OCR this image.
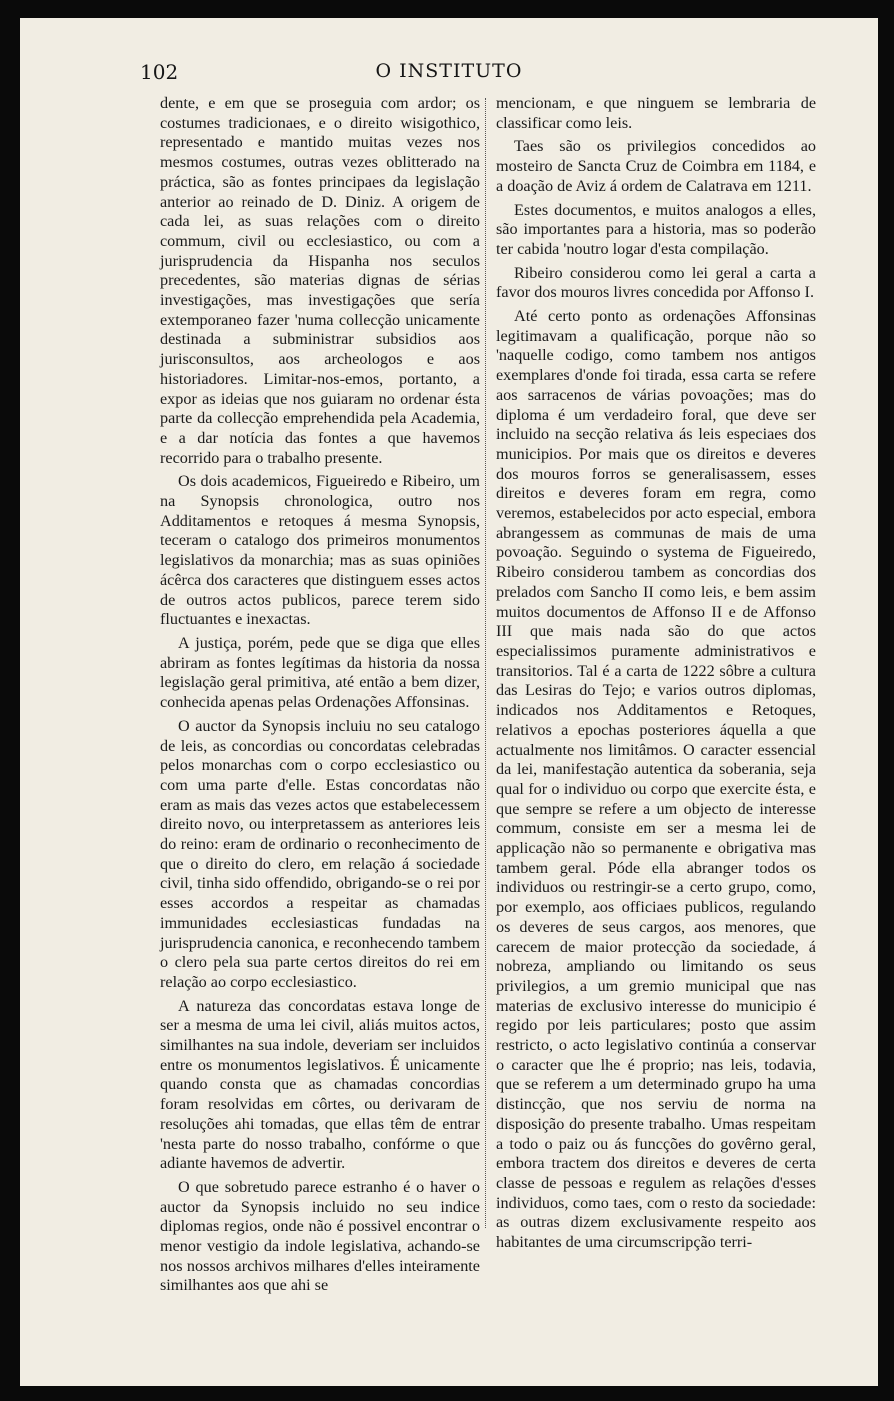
102	O INSTITUTO

dente, e em que se proseguia com ardor; os costumes tradicionaes, e o direito wisigothico, representado e mantido muitas vezes nos mesmos costumes, outras vezes oblitterado na práctica, são as fontes principaes da legislação anterior ao reinado de D. Diniz. A origem de cada lei, as suas relações com o direito commum, civil ou ecclesiastico, ou com a jurisprudencia da Hispanha nos seculos precedentes, são materias dignas de sérias investigações, mas investigações que sería extemporaneo fazer 'numa collecção unicamente destinada a subministrar subsidios aos jurisconsultos, aos archeologos e aos historiadores. Limitar-nos-emos, portanto, a expor as ideias que nos guiaram no ordenar ésta parte da collecção emprehendida pela Academia, e a dar notícia das fontes a que havemos recorrido para o trabalho presente.

Os dois academicos, Figueiredo e Ribeiro, um na Synopsis chronologica, outro nos Additamentos e retoques á mesma Synopsis, teceram o catalogo dos primeiros monumentos legislativos da monarchia; mas as suas opiniões ácêrca dos caracteres que distinguem esses actos de outros actos publicos, parece terem sido fluctuantes e inexactas.

A justiça, porém, pede que se diga que elles abriram as fontes legítimas da historia da nossa legislação geral primitiva, até então a bem dizer, conhecida apenas pelas Ordenações Affonsinas.

O auctor da Synopsis incluiu no seu catalogo de leis, as concordias ou concordatas celebradas pelos monarchas com o corpo ecclesiastico ou com uma parte d'elle. Estas concordatas não eram as mais das vezes actos que estabelecessem direito novo, ou interpretassem as anteriores leis do reino: eram de ordinario o reconhecimento de que o direito do clero, em relação á sociedade civil, tinha sido offendido, obrigando-se o rei por esses accordos a respeitar as chamadas immunidades ecclesiasticas fundadas na jurisprudencia canonica, e reconhecendo tambem o clero pela sua parte certos direitos do rei em relação ao corpo ecclesiastico.

A natureza das concordatas estava longe de ser a mesma de uma lei civil, aliás muitos actos, similhantes na sua indole, deveriam ser incluidos entre os monumentos legislativos. É unicamente quando consta que as chamadas concordias foram resolvidas em côrtes, ou derivaram de resoluções ahi tomadas, que ellas têm de entrar 'nesta parte do nosso trabalho, confórme o que adiante havemos de advertir.

O que sobretudo parece estranho é o haver o auctor da Synopsis incluido no seu indice diplomas regios, onde não é possivel encontrar o menor vestigio da indole legislativa, achando-se nos nossos archivos milhares d'elles inteiramente similhantes aos que ahi se

mencionam, e que ninguem se lembraria de classificar como leis.

Taes são os privilegios concedidos ao mosteiro de Sancta Cruz de Coimbra em 1184, e a doação de Aviz á ordem de Calatrava em 1211.

Estes documentos, e muitos analogos a elles, são importantes para a historia, mas so poderão ter cabida 'noutro logar d'esta compilação.

Ribeiro considerou como lei geral a carta a favor dos mouros livres concedida por Affonso I.

Até certo ponto as ordenações Affonsinas legitimavam a qualificação, porque não so 'naquelle codigo, como tambem nos antigos exemplares d'onde foi tirada, essa carta se refere aos sarracenos de várias povoações; mas do diploma é um verdadeiro foral, que deve ser incluido na secção relativa ás leis especiaes dos municipios. Por mais que os direitos e deveres dos mouros forros se generalisassem, esses direitos e deveres foram em regra, como veremos, estabelecidos por acto especial, embora abrangessem as communas de mais de uma povoação. Seguindo o systema de Figueiredo, Ribeiro considerou tambem as concordias dos prelados com Sancho II como leis, e bem assim muitos documentos de Affonso II e de Affonso III que mais nada são do que actos especialissimos puramente administrativos e transitorios. Tal é a carta de 1222 sôbre a cultura das Lesiras do Tejo; e varios outros diplomas, indicados nos Additamentos e Retoques, relativos a epochas posteriores áquella a que actualmente nos limitâmos. O caracter essencial da lei, manifestação autentica da soberania, seja qual for o individuo ou corpo que exercite ésta, e que sempre se refere a um objecto de interesse commum, consiste em ser a mesma lei de applicação não so permanente e obrigativa mas tambem geral. Póde ella abranger todos os individuos ou restringir-se a certo grupo, como, por exemplo, aos officiaes publicos, regulando os deveres de seus cargos, aos menores, que carecem de maior protecção da sociedade, á nobreza, ampliando ou limitando os seus privilegios, a um gremio municipal que nas materias de exclusivo interesse do municipio é regido por leis particulares; posto que assim restricto, o acto legislativo continúa a conservar o caracter que lhe é proprio; nas leis, todavia, que se referem a um determinado grupo ha uma distincção, que nos serviu de norma na disposição do presente trabalho. Umas respeitam a todo o paiz ou ás funcções do govêrno geral, embora tractem dos direitos e deveres de certa classe de pessoas e regulem as relações d'esses individuos, como taes, com o resto da sociedade: as outras dizem exclusivamente respeito aos habitantes de uma circumscripção terri-
